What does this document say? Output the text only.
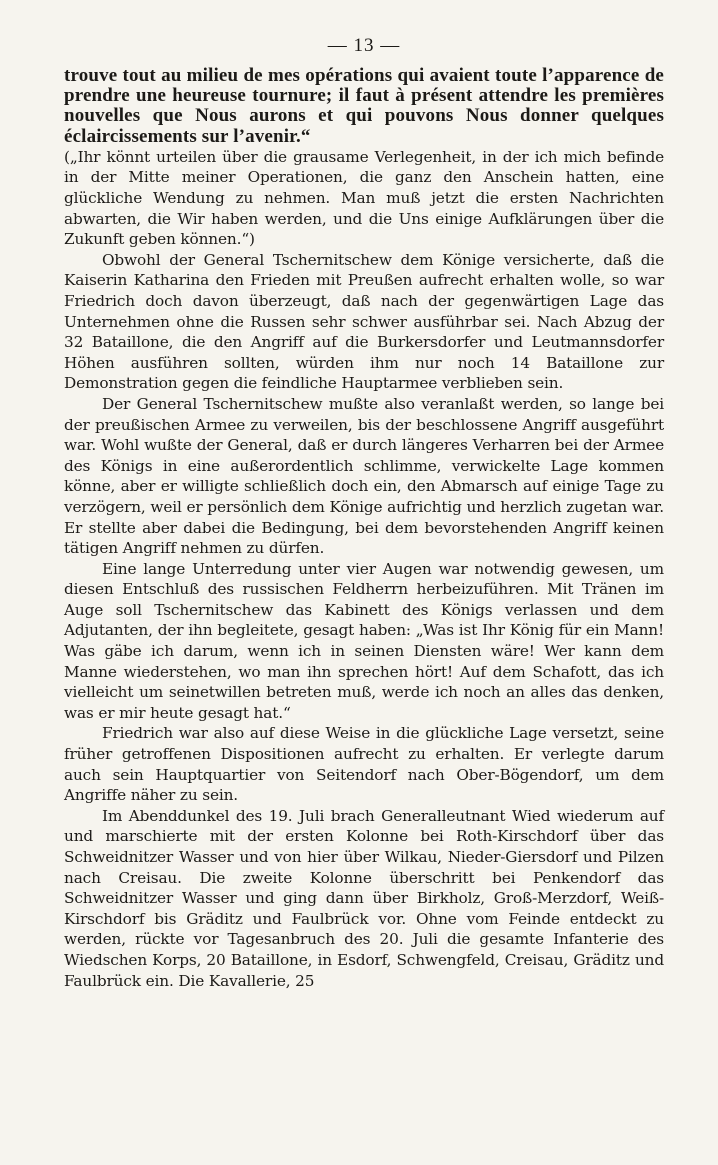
— 13 —

trouve tout au milieu de mes opérations qui avaient toute l’apparence de prendre une heureuse tournure; il faut à présent attendre les premières nouvelles que Nous aurons et qui pouvons Nous donner quelques éclaircissements sur l’avenir.“

(„Ihr könnt urteilen über die grausame Verlegenheit, in der ich mich befinde in der Mitte meiner Operationen, die ganz den Anschein hatten, eine glückliche Wendung zu nehmen. Man muß jetzt die ersten Nachrichten abwarten, die Wir haben werden, und die Uns einige Aufklärungen über die Zukunft geben können.“)

Obwohl der General Tschernitschew dem Könige versicherte, daß die Kaiserin Katharina den Frieden mit Preußen aufrecht erhalten wolle, so war Friedrich doch davon überzeugt, daß nach der gegenwärtigen Lage das Unternehmen ohne die Russen sehr schwer ausführbar sei. Nach Abzug der 32 Bataillone, die den Angriff auf die Burkersdorfer und Leutmannsdorfer Höhen ausführen sollten, würden ihm nur noch 14 Bataillone zur Demonstration gegen die feindliche Hauptarmee verblieben sein.

Der General Tschernitschew mußte also veranlaßt werden, so lange bei der preußischen Armee zu verweilen, bis der beschlossene Angriff ausgeführt war. Wohl wußte der General, daß er durch längeres Verharren bei der Armee des Königs in eine außerordentlich schlimme, verwickelte Lage kommen könne, aber er willigte schließlich doch ein, den Abmarsch auf einige Tage zu verzögern, weil er persönlich dem Könige aufrichtig und herzlich zugetan war. Er stellte aber dabei die Bedingung, bei dem bevorstehenden Angriff keinen tätigen Angriff nehmen zu dürfen.

Eine lange Unterredung unter vier Augen war notwendig gewesen, um diesen Entschluß des russischen Feldherrn herbeizuführen. Mit Tränen im Auge soll Tschernitschew das Kabinett des Königs verlassen und dem Adjutanten, der ihn begleitete, gesagt haben: „Was ist Ihr König für ein Mann! Was gäbe ich darum, wenn ich in seinen Diensten wäre! Wer kann dem Manne wiederstehen, wo man ihn sprechen hört! Auf dem Schafott, das ich vielleicht um seinetwillen betreten muß, werde ich noch an alles das denken, was er mir heute gesagt hat.“

Friedrich war also auf diese Weise in die glückliche Lage versetzt, seine früher getroffenen Dispositionen aufrecht zu erhalten. Er verlegte darum auch sein Hauptquartier von Seitendorf nach Ober-Bögendorf, um dem Angriffe näher zu sein.

Im Abenddunkel des 19. Juli brach Generalleutnant Wied wiederum auf und marschierte mit der ersten Kolonne bei Roth-Kirschdorf über das Schweidnitzer Wasser und von hier über Wilkau, Nieder-Giersdorf und Pilzen nach Creisau. Die zweite Kolonne überschritt bei Penkendorf das Schweidnitzer Wasser und ging dann über Birkholz, Groß-Merzdorf, Weiß-Kirschdorf bis Gräditz und Faulbrück vor. Ohne vom Feinde entdeckt zu werden, rückte vor Tagesanbruch des 20. Juli die gesamte Infanterie des Wiedschen Korps, 20 Bataillone, in Esdorf, Schwengfeld, Creisau, Gräditz und Faulbrück ein. Die Kavallerie, 25
